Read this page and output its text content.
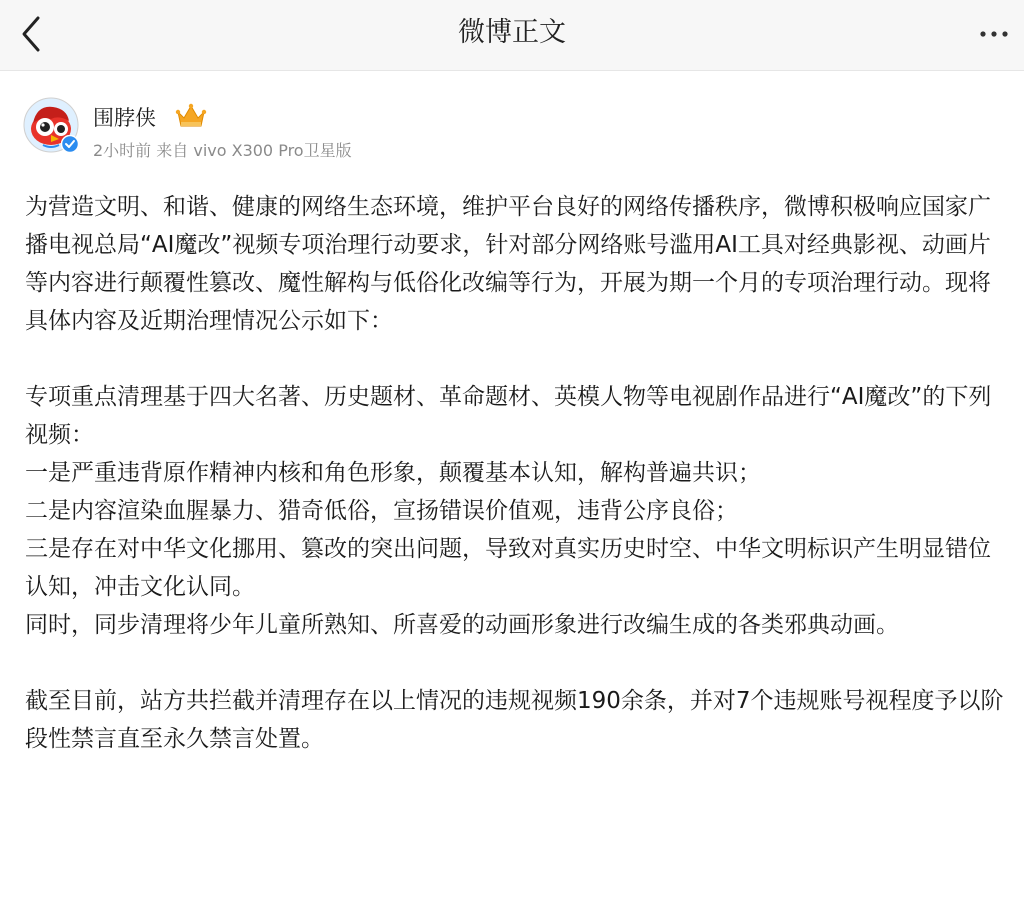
微博正文
围脖侠
2小时前 来自 vivo X300 Pro卫星版

为营造文明、和谐、健康的网络生态环境，维护平台良好的网络传播秩序，微博积极响应国家广播电视总局“AI魔改”视频专项治理行动要求，针对部分网络账号滥用AI工具对经典影视、动画片等内容进行颠覆性篡改、魔性解构与低俗化改编等行为，开展为期一个月的专项治理行动。现将具体内容及近期治理情况公示如下：

专项重点清理基于四大名著、历史题材、革命题材、英模人物等电视剧作品进行“AI魔改”的下列视频：

一是严重违背原作精神内核和角色形象，颠覆基本认知，解构普遍共识；

二是内容渲染血腥暴力、猎奇低俗，宣扬错误价值观，违背公序良俗；

三是存在对中华文化挪用、篡改的突出问题，导致对真实历史时空、中华文明标识产生明显错位认知，冲击文化认同。

同时，同步清理将少年儿童所熟知、所喜爱的动画形象进行改编生成的各类邪典动画。

截至目前，站方共拦截并清理存在以上情况的违规视频190余条，并对7个违规账号视程度予以阶段性禁言直至永久禁言处置。
